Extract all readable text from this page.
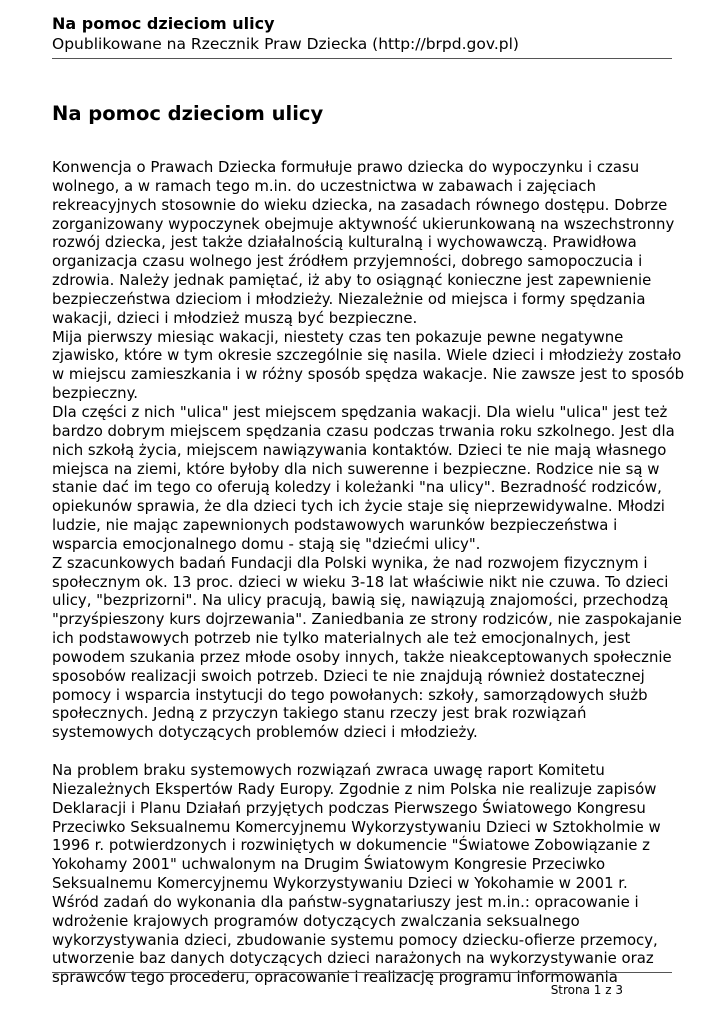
Na pomoc dzieciom ulicy

Opublikowane na Rzecznik Praw Dziecka (http://brpd.gov.pl)

Na pomoc dzieciom ulicy

Konwencja o Prawach Dziecka formułuje prawo dziecka do wypoczynku i czasu
wolnego, a w ramach tego m.in. do uczestnictwa w zabawach i zajęciach
rekreacyjnych stosownie do wieku dziecka, na zasadach równego dostępu. Dobrze
zorganizowany wypoczynek obejmuje aktywność ukierunkowaną na wszechstronny
rozwój dziecka, jest także działalnością kulturalną i wychowawczą. Prawidłowa
organizacja czasu wolnego jest źródłem przyjemności, dobrego samopoczucia i
zdrowia. Należy jednak pamiętać, iż aby to osiągnąć konieczne jest zapewnienie
bezpieczeństwa dzieciom i młodzieży. Niezależnie od miejsca i formy spędzania
wakacji, dzieci i młodzież muszą być bezpieczne.

Mija pierwszy miesiąc wakacji, niestety czas ten pokazuje pewne negatywne
zjawisko, które w tym okresie szczególnie się nasila. Wiele dzieci i młodzieży zostało
w miejscu zamieszkania i w różny sposób spędza wakacje. Nie zawsze jest to sposób
bezpieczny.

Dla części z nich "ulica" jest miejscem spędzania wakacji. Dla wielu "ulica" jest też
bardzo dobrym miejscem spędzania czasu podczas trwania roku szkolnego. Jest dla
nich szkołą życia, miejscem nawiązywania kontaktów. Dzieci te nie mają własnego
miejsca na ziemi, które byłoby dla nich suwerenne i bezpieczne. Rodzice nie są w
stanie dać im tego co oferują koledzy i koleżanki "na ulicy". Bezradność rodziców,
opiekunów sprawia, że dla dzieci tych ich życie staje się nieprzewidywalne. Młodzi
ludzie, nie mając zapewnionych podstawowych warunków bezpieczeństwa i
wsparcia emocjonalnego domu - stają się "dziećmi ulicy".

Z szacunkowych badań Fundacji dla Polski wynika, że nad rozwojem fizycznym i
społecznym ok. 13 proc. dzieci w wieku 3-18 lat właściwie nikt nie czuwa. To dzieci
ulicy, "bezprizorni". Na ulicy pracują, bawią się, nawiązują znajomości, przechodzą
"przyśpieszony kurs dojrzewania". Zaniedbania ze strony rodziców, nie zaspokajanie
ich podstawowych potrzeb nie tylko materialnych ale też emocjonalnych, jest
powodem szukania przez młode osoby innych, także nieakceptowanych społecznie
sposobów realizacji swoich potrzeb. Dzieci te nie znajdują również dostatecznej
pomocy i wsparcia instytucji do tego powołanych: szkoły, samorządowych służb
społecznych. Jedną z przyczyn takiego stanu rzeczy jest brak rozwiązań
systemowych dotyczących problemów dzieci i młodzieży.

Na problem braku systemowych rozwiązań zwraca uwagę raport Komitetu
Niezależnych Ekspertów Rady Europy. Zgodnie z nim Polska nie realizuje zapisów
Deklaracji i Planu Działań przyjętych podczas Pierwszego Światowego Kongresu
Przeciwko Seksualnemu Komercyjnemu Wykorzystywaniu Dzieci w Sztokholmie w
1996 r. potwierdzonych i rozwiniętych w dokumencie "Światowe Zobowiązanie z
Yokohamy 2001" uchwalonym na Drugim Światowym Kongresie Przeciwko
Seksualnemu Komercyjnemu Wykorzystywaniu Dzieci w Yokohamie w 2001 r.
Wśród zadań do wykonania dla państw-sygnatariuszy jest m.in.: opracowanie i
wdrożenie krajowych programów dotyczących zwalczania seksualnego
wykorzystywania dzieci, zbudowanie systemu pomocy dziecku-ofierze przemocy,
utworzenie baz danych dotyczących dzieci narażonych na wykorzystywanie oraz
sprawców tego procederu, opracowanie i realizację programu informowania

Strona 1 z 3
